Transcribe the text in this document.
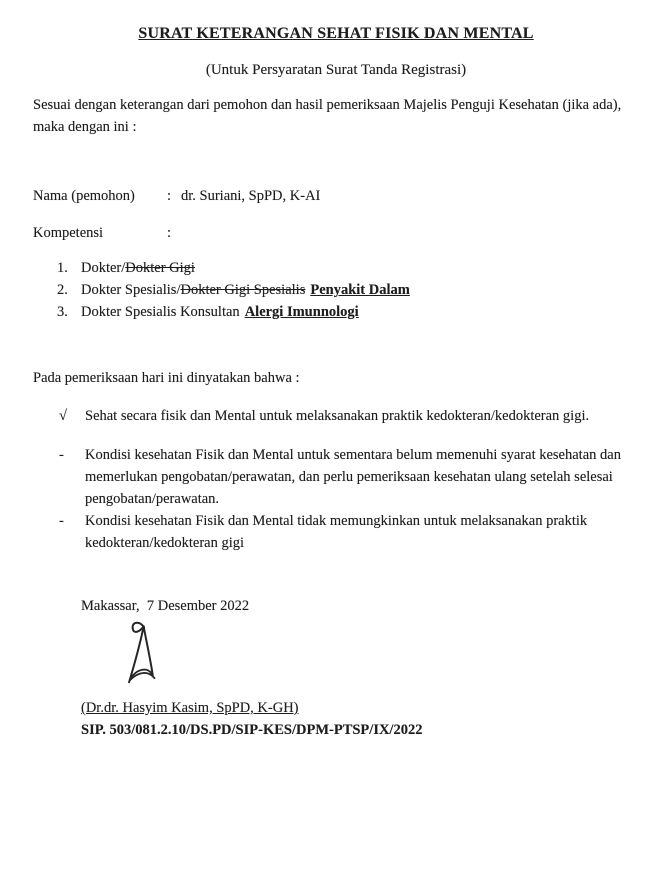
SURAT KETERANGAN SEHAT FISIK DAN MENTAL
(Untuk Persyaratan Surat Tanda Registrasi)

Sesuai dengan keterangan dari pemohon dan hasil pemeriksaan Majelis Penguji Kesehatan (jika ada), maka dengan ini :

Nama (pemohon)	: dr. Suriani, SpPD, K-AI
Kompetensi	:
1. Dokter/Dokter Gigi
2. Dokter Spesialis/Dokter Gigi Spesialis Penyakit Dalam
3. Dokter Spesialis Konsultan Alergi Imunnologi

Pada pemeriksaan hari ini dinyatakan bahwa :

√	Sehat secara fisik dan Mental untuk melaksanakan praktik kedokteran/kedokteran gigi.
-	Kondisi kesehatan Fisik dan Mental untuk sementara belum memenuhi syarat kesehatan dan memerlukan pengobatan/perawatan, dan perlu pemeriksaan kesehatan ulang setelah selesai pengobatan/perawatan.
-	Kondisi kesehatan Fisik dan Mental tidak memungkinkan untuk melaksanakan praktik kedokteran/kedokteran gigi
Makassar,  7 Desember 2022
(Dr.dr. Hasyim Kasim, SpPD, K-GH)
SIP. 503/081.2.10/DS.PD/SIP-KES/DPM-PTSP/IX/2022
